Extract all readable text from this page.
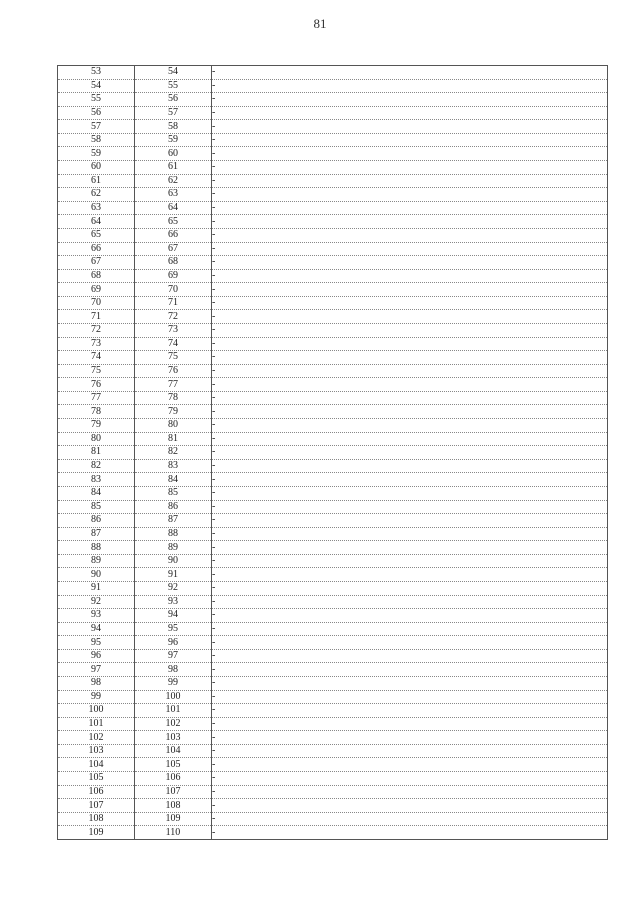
81
53	54	-
54	55	-
55	56	-
56	57	-
57	58	-
58	59	-
59	60	-
60	61	-
61	62	-
62	63	-
63	64	-
64	65	-
65	66	-
66	67	-
67	68	-
68	69	-
69	70	-
70	71	-
71	72	-
72	73	-
73	74	-
74	75	-
75	76	-
76	77	-
77	78	-
78	79	-
79	80	-
80	81	-
81	82	-
82	83	-
83	84	-
84	85	-
85	86	-
86	87	-
87	88	-
88	89	-
89	90	-
90	91	-
91	92	-
92	93	-
93	94	-
94	95	-
95	96	-
96	97	-
97	98	-
98	99	-
99	100	-
100	101	-
101	102	-
102	103	-
103	104	-
104	105	-
105	106	-
106	107	-
107	108	-
108	109	-
109	110	-
